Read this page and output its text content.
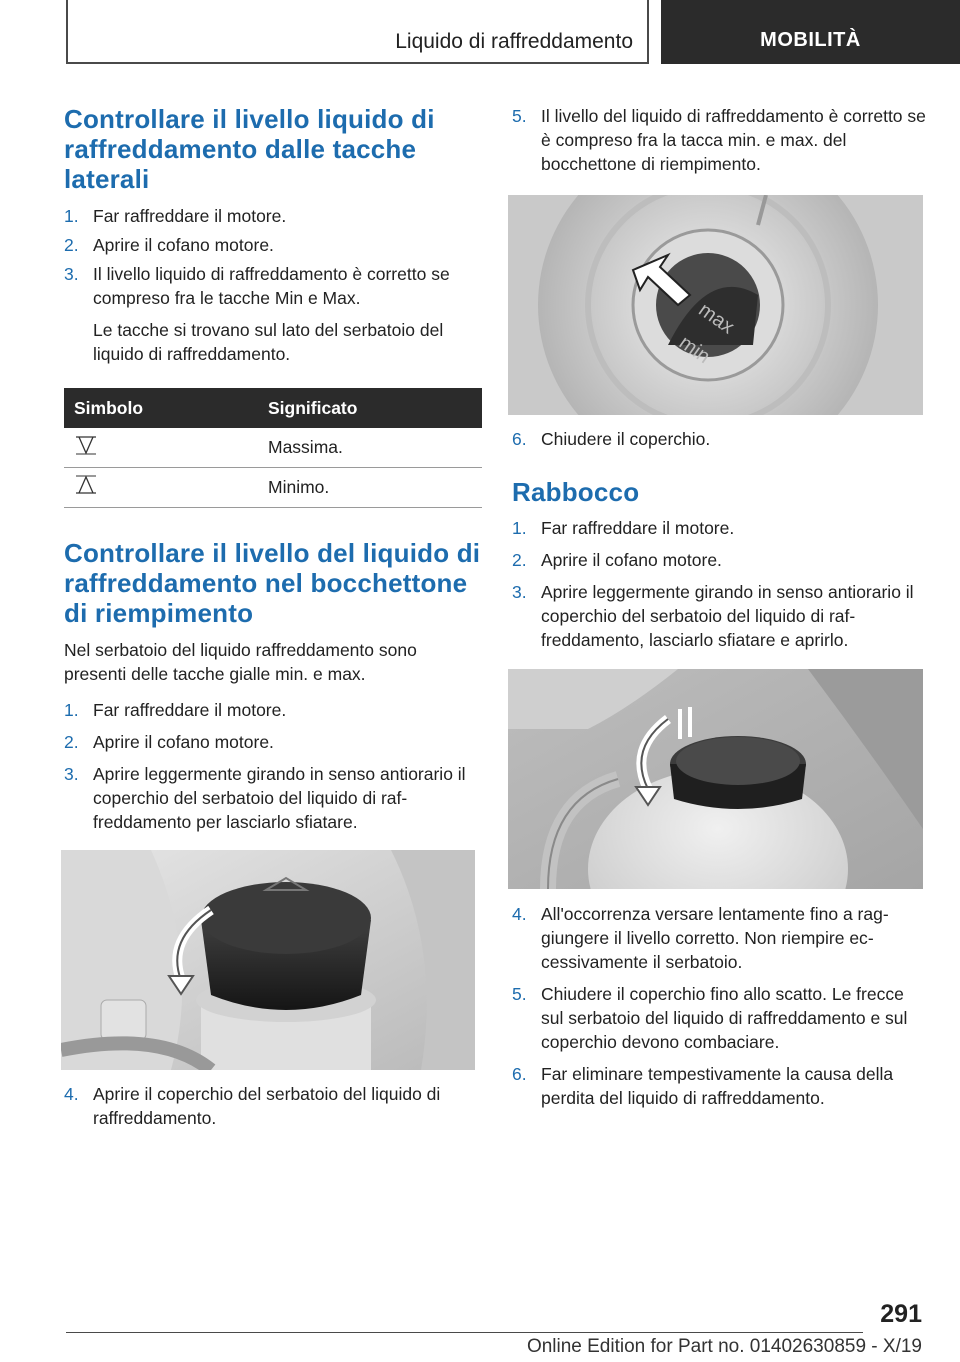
Liquido di raffreddamento	MOBILITÀ
Controllare il livello liquido di raffreddamento dalle tacche laterali
1. Far raffreddare il motore.
2. Aprire il cofano motore.
3. Il livello liquido di raffreddamento è corretto se compreso fra le tacche Min e Max.
Le tacche si trovano sul lato del serbatoio del liquido di raffreddamento.
Simbolo	Significato
	Massima.
	Minimo.
Controllare il livello del liquido di raffreddamento nel bocchettone di riempimento

Nel serbatoio del liquido raffreddamento sono presenti delle tacche gialle min. e max.

1. Far raffreddare il motore.
2. Aprire il cofano motore.
3. Aprire leggermente girando in senso antiorario il coperchio del serbatoio del liquido di raffreddamento per lasciarlo sfiatare.
4. Aprire il coperchio del serbatoio del liquido di raffreddamento.
5. Il livello del liquido di raffreddamento è corretto se è compreso fra la tacca min. e max. del bocchettone di riempimento.
max
min
6. Chiudere il coperchio.
Rabbocco
1. Far raffreddare il motore.
2. Aprire il cofano motore.
3. Aprire leggermente girando in senso antiorario il coperchio del serbatoio del liquido di raffreddamento, lasciarlo sfiatare e aprirlo.
4. All'occorrenza versare lentamente fino a raggiungere il livello corretto. Non riempire eccessivamente il serbatoio.
5. Chiudere il coperchio fino allo scatto. Le frecce sul serbatoio del liquido di raffreddamento e sul coperchio devono combaciare.
6. Far eliminare tempestivamente la causa della perdita del liquido di raffreddamento.
291
Online Edition for Part no. 01402630859 - X/19
